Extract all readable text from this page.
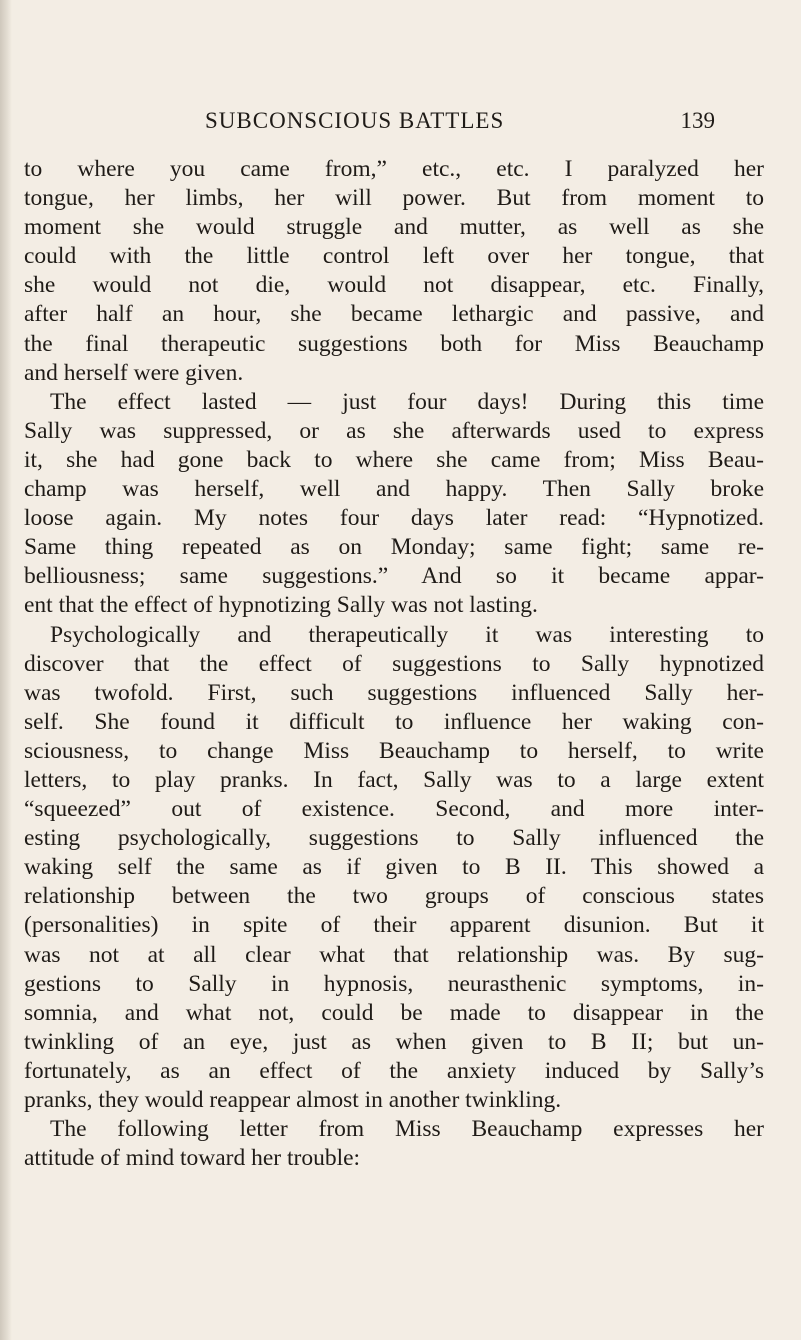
SUBCONSCIOUS BATTLES	139
to where you came from,” etc., etc. I paralyzed her
tongue, her limbs, her will power. But from moment to
moment she would struggle and mutter, as well as she
could with the little control left over her tongue, that
she would not die, would not disappear, etc. Finally,
after half an hour, she became lethargic and passive, and
the final therapeutic suggestions both for Miss Beauchamp
and herself were given.
The effect lasted — just four days! During this time
Sally was suppressed, or as she afterwards used to express
it, she had gone back to where she came from; Miss Beau-
champ was herself, well and happy. Then Sally broke
loose again. My notes four days later read: “Hypnotized.
Same thing repeated as on Monday; same fight; same re-
belliousness; same suggestions.” And so it became appar-
ent that the effect of hypnotizing Sally was not lasting.
Psychologically and therapeutically it was interesting to
discover that the effect of suggestions to Sally hypnotized
was twofold. First, such suggestions influenced Sally her-
self. She found it difficult to influence her waking con-
sciousness, to change Miss Beauchamp to herself, to write
letters, to play pranks. In fact, Sally was to a large extent
“squeezed” out of existence. Second, and more inter-
esting psychologically, suggestions to Sally influenced the
waking self the same as if given to B II. This showed a
relationship between the two groups of conscious states
(personalities) in spite of their apparent disunion. But it
was not at all clear what that relationship was. By sug-
gestions to Sally in hypnosis, neurasthenic symptoms, in-
somnia, and what not, could be made to disappear in the
twinkling of an eye, just as when given to B II; but un-
fortunately, as an effect of the anxiety induced by Sally’s
pranks, they would reappear almost in another twinkling.
The following letter from Miss Beauchamp expresses her
attitude of mind toward her trouble:
